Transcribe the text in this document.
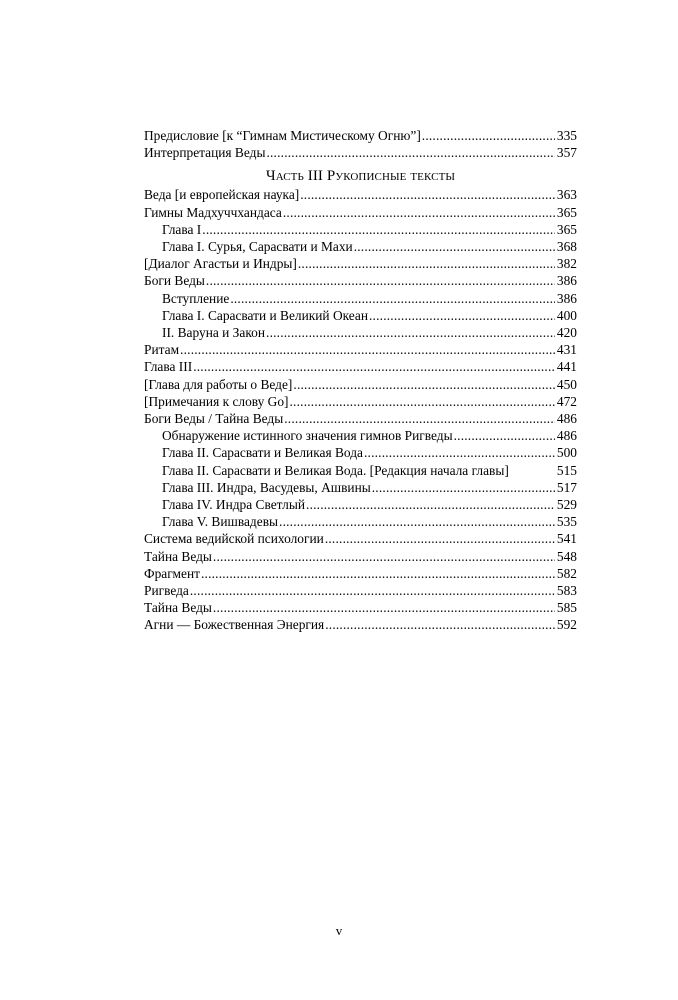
Предисловие [к “Гимнам Мистическому Огню”] .....	335
Интерпретация Веды .....	357
Часть III Рукописные тексты
Веда [и европейская наука] .....	363
Гимны Мадхуччхандаса .....	365
Глава I .....	365
Глава I. Сурья, Сарасвати и Махи .....	368
[Диалог Агастьи и Индры] .....	382
Боги Веды .....	386
Вступление .....	386
Глава I. Сарасвати и Великий Океан .....	400
II. Варуна и Закон .....	420
Ритам .....	431
Глава III .....	441
[Глава для работы о Веде] .....	450
[Примечания к слову Go] .....	472
Боги Веды / Тайна Веды .....	486
Обнаружение истинного значения гимнов Ригведы .....	486
Глава II. Сарасвати и Великая Вода .....	500
Глава II. Сарасвати и Великая Вода. [Редакция начала главы]	515
Глава III. Индра, Васудевы, Ашвины .....	517
Глава IV. Индра Светлый .....	529
Глава V. Вишвадевы .....	535
Система ведийской психологии .....	541
Тайна Веды .....	548
Фрагмент .....	582
Ригведа .....	583
Тайна Веды .....	585
Агни — Божественная Энергия .....	592
v
